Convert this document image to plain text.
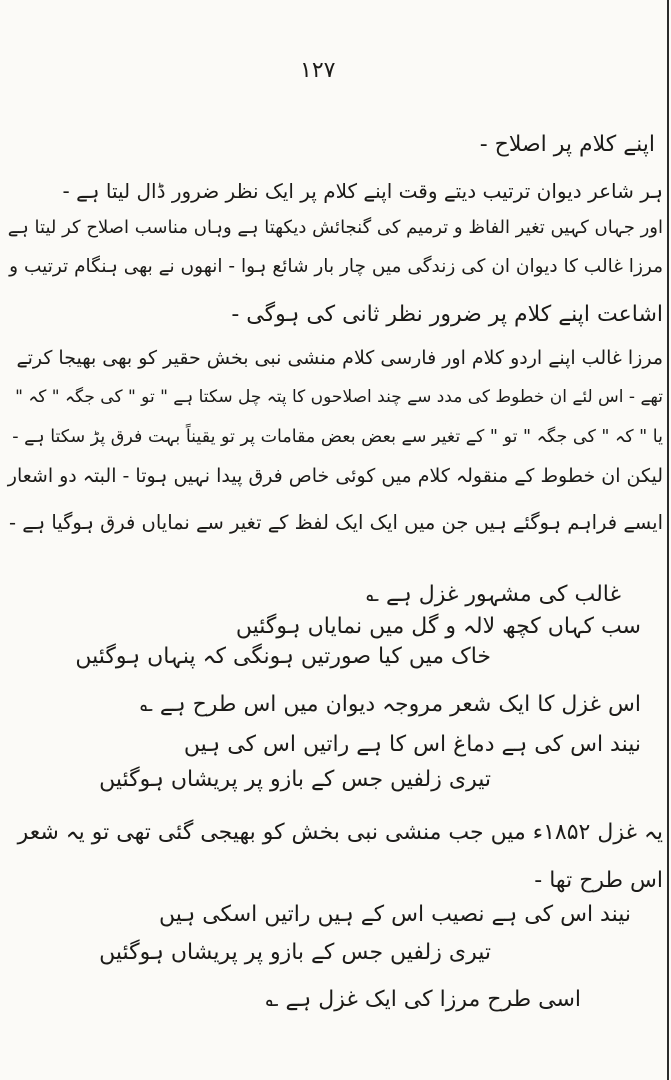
١٢٧
اپنے کلام پر اصلاح -
ہر شاعر دیوان ترتیب دیتے وقت اپنے کلام پر ایک نظر ضرور ڈال لیتا ہے -
اور جہاں کہیں تغیر الفاظ و ترمیم کی گنجائش دیکھتا ہے وہاں مناسب اصلاح کر لیتا ہے
مرزا غالب کا دیوان ان کی زندگی میں چار بار شائع ہوا - انھوں نے بھی ہنگام ترتیب و
اشاعت اپنے کلام پر ضرور نظر ثانی کی ہوگی -
مرزا غالب اپنے اردو کلام اور فارسی کلام منشی نبی بخش حقیر کو بھی بھیجا کرتے
تھے - اس لئے ان خطوط کی مدد سے چند اصلاحوں کا پتہ چل سکتا ہے " تو " کی جگہ " کہ "
یا " کہ " کی جگہ " تو " کے تغیر سے بعض بعض مقامات پر تو یقیناً بہت فرق پڑ سکتا ہے -
لیکن ان خطوط کے منقولہ کلام میں کوئی خاص فرق پیدا نہیں ہوتا - البتہ دو اشعار
ایسے فراہم ہوگئے ہیں جن میں ایک ایک لفظ کے تغیر سے نمایاں فرق ہوگیا ہے -
غالب کی مشہور غزل ہے ؎
سب کہاں کچھ لالہ و گل میں نمایاں ہوگئیں
خاک میں کیا صورتیں ہونگی کہ پنہاں ہوگئیں
اس غزل کا ایک شعر مروجہ دیوان میں اس طرح ہے ؎
نیند اس کی ہے دماغ اس کا ہے راتیں اس کی ہیں
تیری زلفیں جس کے بازو پر پریشاں ہوگئیں
یہ غزل ۱۸۵۲ء میں جب منشی نبی بخش کو بھیجی گئی تھی تو یہ شعر
اس طرح تھا -
نیند اس کی ہے نصیب اس کے ہیں راتیں اسکی ہیں
تیری زلفیں جس کے بازو پر پریشاں ہوگئیں
اسی طرح مرزا کی ایک غزل ہے ؎
